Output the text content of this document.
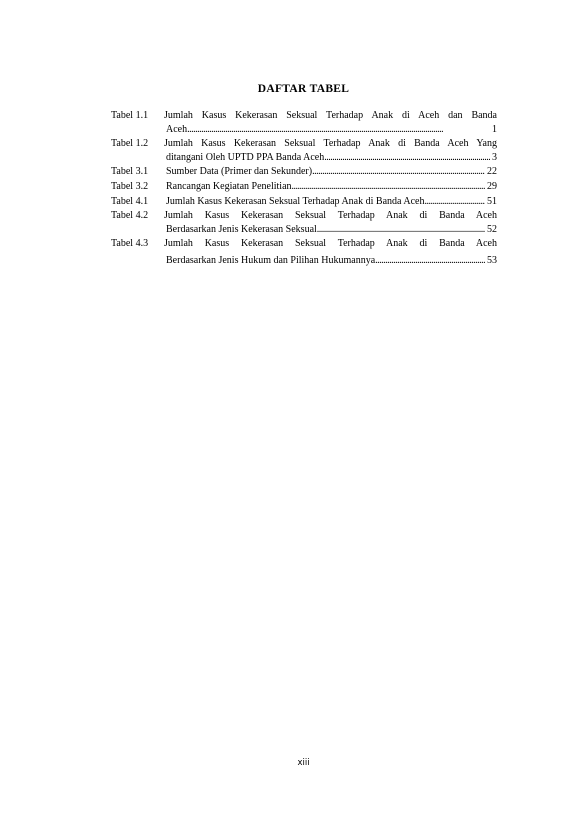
DAFTAR TABEL
Tabel 1.1	Jumlah Kasus Kekerasan Seksual Terhadap Anak di Aceh dan Banda
Aceh . . .	1
Tabel 1.2	Jumlah Kasus Kekerasan Seksual Terhadap Anak di Banda Aceh Yang
ditangani Oleh UPTD PPA Banda Aceh . . .	3
Tabel 3.1	Sumber Data (Primer dan Sekunder) . . .	22
Tabel 3.2	Rancangan Kegiatan Penelitian . . .	29
Tabel 4.1	Jumlah Kasus Kekerasan Seksual Terhadap Anak di Banda Aceh . . .	51
Tabel 4.2	Jumlah Kasus Kekerasan Seksual Terhadap Anak di Banda Aceh
Berdasarkan Jenis Kekerasan Seksual . . .	52
Tabel 4.3	Jumlah Kasus Kekerasan Seksual Terhadap Anak di Banda Aceh
Berdasarkan Jenis Hukum dan Pilihan Hukumannya . . .	53
xiii
